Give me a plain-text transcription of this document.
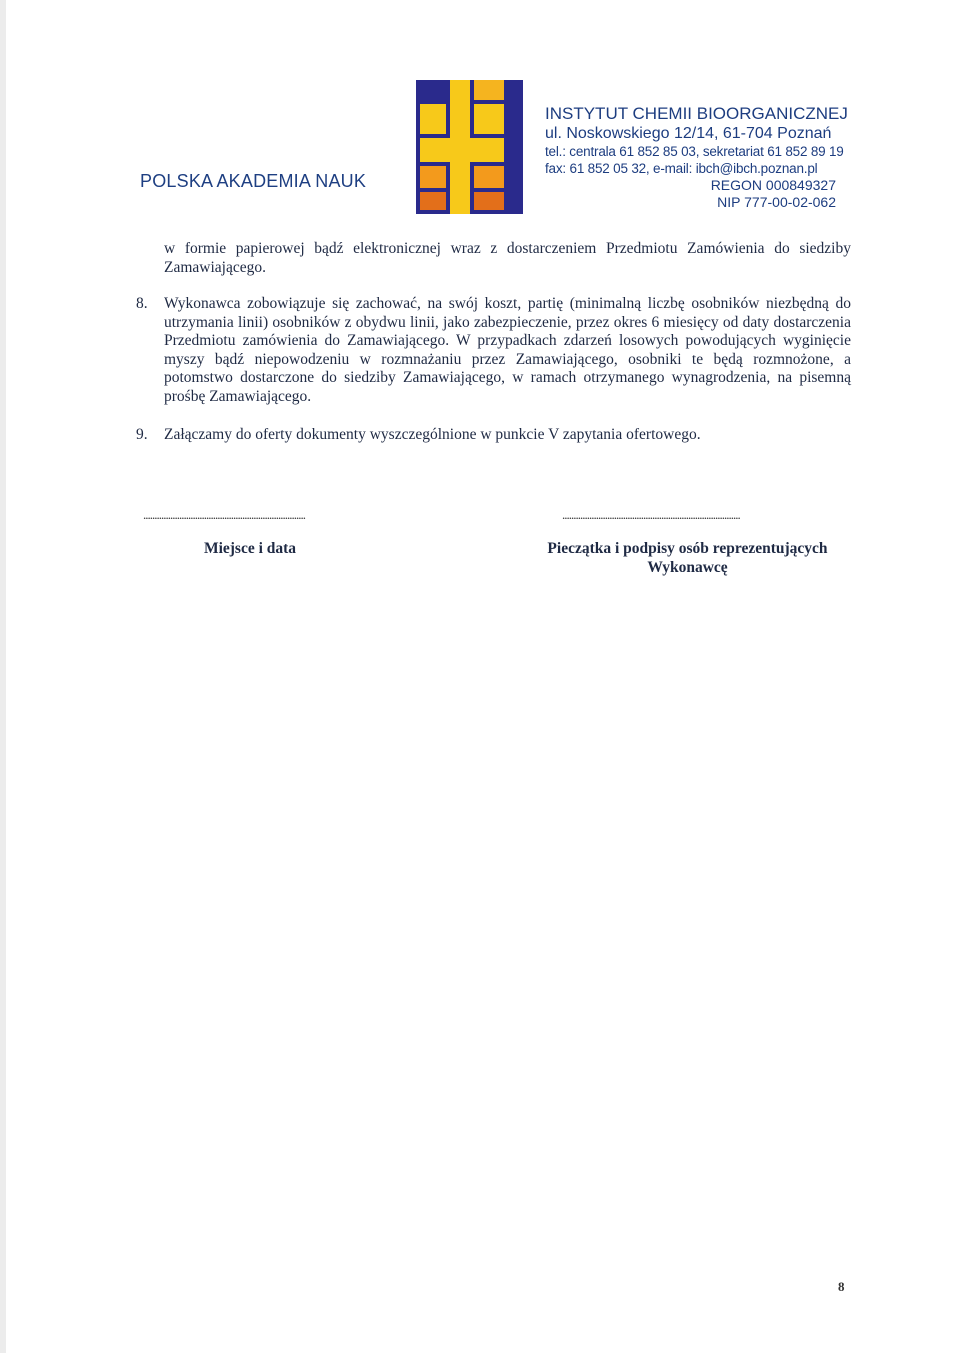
POLSKA AKADEMIA NAUK
INSTYTUT CHEMII BIOORGANICZNEJ
ul. Noskowskiego 12/14, 61-704 Poznań
tel.: centrala 61 852 85 03, sekretariat 61 852 89 19
fax: 61 852 05 32, e-mail: ibch@ibch.poznan.pl
REGON 000849327
NIP 777-00-02-062
w formie papierowej bądź elektronicznej wraz z dostarczeniem Przedmiotu Zamówienia do siedziby Zamawiającego.
8. Wykonawca zobowiązuje się zachować, na swój koszt, partię (minimalną liczbę osobników niezbędną do utrzymania linii) osobników z obydwu linii, jako zabezpieczenie, przez okres 6 miesięcy od daty dostarczenia Przedmiotu zamówienia do Zamawiającego. W przypadkach zdarzeń losowych powodujących wyginięcie myszy bądź niepowodzeniu w rozmnażaniu przez Zamawiającego, osobniki te będą rozmnożone, a potomstwo dostarczone do siedziby Zamawiającego, w ramach otrzymanego wynagrodzenia, na pisemną prośbę Zamawiającego.
9. Załączamy do oferty dokumenty wyszczególnione w punkcie V zapytania ofertowego.
........................................................................	...............................................................................
Miejsce i data	Pieczątka i podpisy osób reprezentujących
Wykonawcę
8
